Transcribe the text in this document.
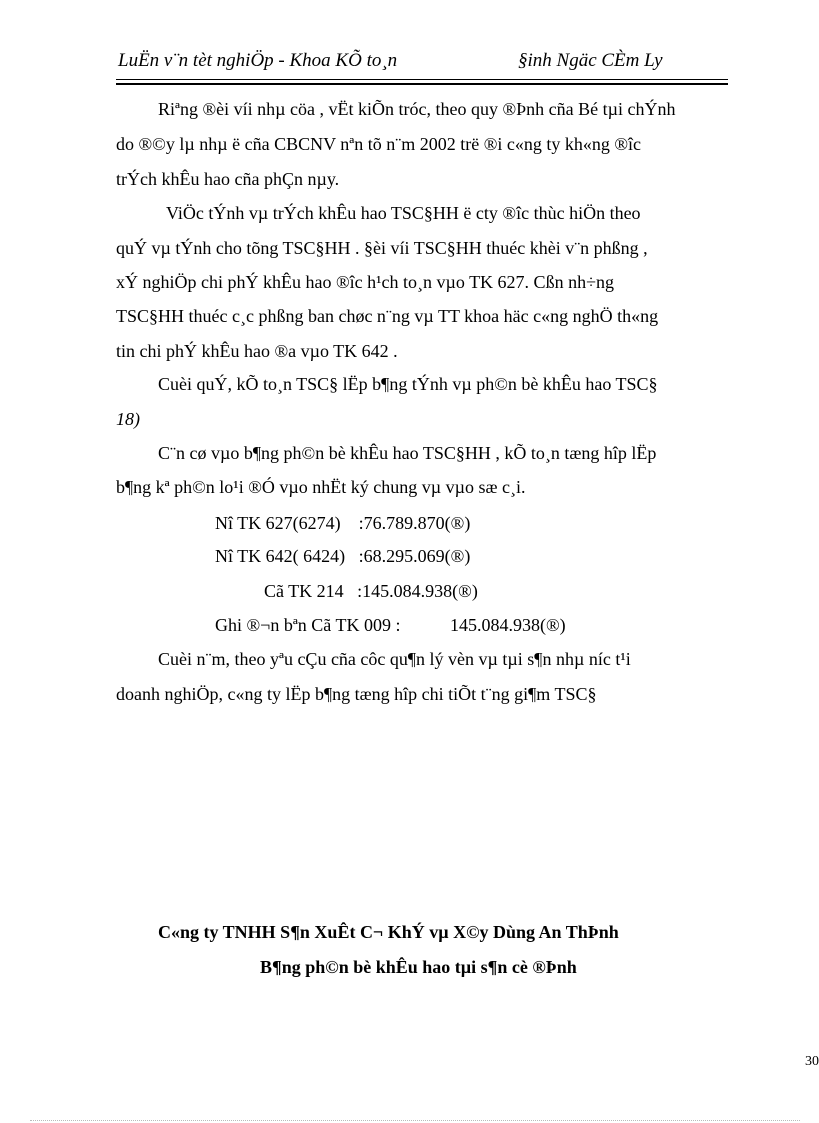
LuËn v¨n tèt nghiÖp - Khoa KÕ to¸n	§inh Ngäc CÈm Ly
Riªng ®èi víi nhµ cöa , vËt kiÕn tróc, theo quy ®Þnh cña Bé tµi chÝnh
do ®©y lµ nhµ ë cña CBCNV nªn tõ n¨m 2002 trë ®i c«ng ty kh«ng ®îc
trÝch khÊu hao cña phÇn nµy.
ViÖc tÝnh vµ trÝch khÊu hao TSC§HH ë cty ®îc thùc hiÖn theo
quÝ vµ tÝnh cho tõng TSC§HH . §èi víi TSC§HH thuéc khèi v¨n phßng ,
xÝ nghiÖp chi phÝ khÊu hao ®îc h¹ch to¸n vµo TK 627. Cßn nh÷ng
TSC§HH thuéc c¸c phßng ban chøc n¨ng vµ TT khoa häc c«ng nghÖ th«ng
tin chi phÝ khÊu hao ®a vµo TK 642 .
Cuèi quÝ, kÕ to¸n TSC§ lËp b¶ng tÝnh vµ ph©n bè khÊu hao TSC§
18)
C¨n cø vµo b¶ng ph©n bè khÊu hao TSC§HH , kÕ to¸n tæng hîp lËp
b¶ng kª ph©n lo¹i ®Ó vµo nhËt ký chung vµ vµo sæ c¸i.
Nî TK 627(6274)    :76.789.870(®)
Nî TK 642( 6424)   :68.295.069(®)
Cã TK 214   :145.084.938(®)
Ghi ®¬n bªn Cã TK 009 :           145.084.938(®)
Cuèi n¨m, theo yªu cÇu cña côc qu¶n lý vèn vµ tµi s¶n nhµ níc t¹i
doanh nghiÖp, c«ng ty lËp b¶ng tæng hîp chi tiÕt t¨ng gi¶m TSC§
C«ng ty TNHH S¶n XuÊt C¬ KhÝ vµ X©y Dùng An ThÞnh
B¶ng ph©n bè khÊu hao tµi s¶n cè ®Þnh
30
